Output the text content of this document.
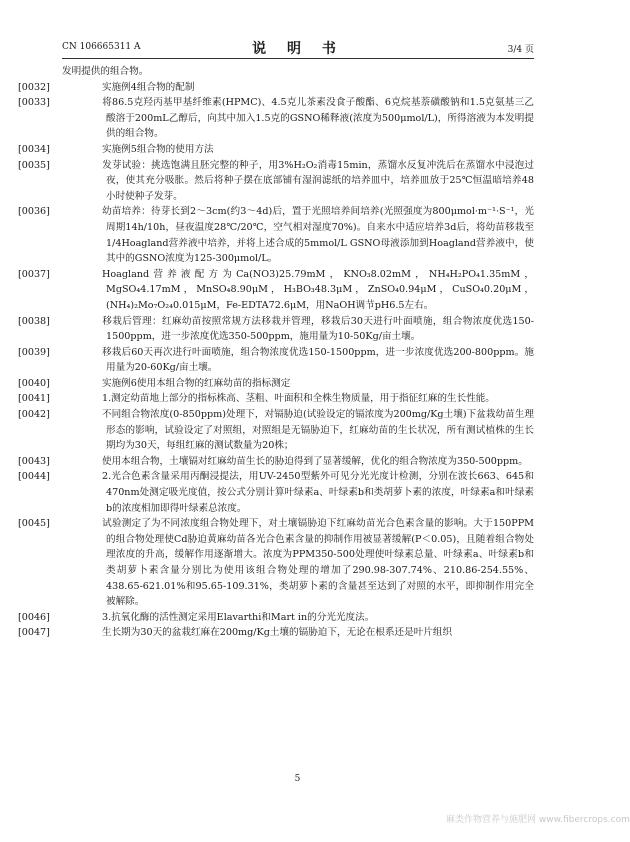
CN 106665311 A	说 明 书	3/4 页

发明提供的组合物。

[0032]	实施例4组合物的配制

[0033]	将86.5克羟丙基甲基纤维素(HPMC)、4.5克儿茶素没食子酸酯、6克烷基萘磺酸钠和1.5克氨基三乙酸溶于200mL乙醇后，向其中加入1.5克的GSNO稀释液(浓度为500μmol/L)，所得溶液为本发明提供的组合物。

[0034]	实施例5组合物的使用方法

[0035]	发芽试验：挑选饱满且胚完整的种子，用3%H₂O₂消毒15min，蒸馏水反复冲洗后在蒸馏水中浸泡过夜，使其充分吸胀。然后将种子摆在底部铺有湿润滤纸的培养皿中，培养皿放于25℃恒温暗培养48小时使种子发芽。

[0036]	幼苗培养：待芽长到2～3cm(约3～4d)后，置于光照培养间培养(光照强度为800μmol·m⁻¹·S⁻¹，光周期14h/10h，昼夜温度28℃/20℃，空气相对湿度70%)。自来水中适应培养3d后，将幼苗移栽至1/4Hoagland营养液中培养，并将上述合成的5mmol/L GSNO母液添加到Hoagland营养液中，使其中的GSNO浓度为125-300μmol/L。

[0037]	Hoagland营养液配方为Ca(NO3)25.79mM，KNO₃8.02mM，NH₄H₂PO₄1.35mM，MgSO₄4.17mM，MnSO₄8.90μM，H₃BO₃48.3μM，ZnSO₄0.94μM，CuSO₄0.20μM，(NH₄)₂Mo₇O₂₄0.015μM，Fe-EDTA72.6μM，用NaOH调节pH6.5左右。

[0038]	移栽后管理：红麻幼苗按照常规方法移栽并管理，移栽后30天进行叶面喷施，组合物浓度优选150-1500ppm，进一步浓度优选350-500ppm，施用量为10-50Kg/亩土壤。

[0039]	移栽后60天再次进行叶面喷施，组合物浓度优选150-1500ppm，进一步浓度优选200-800ppm。施用量为20-60Kg/亩土壤。

[0040]	实施例6使用本组合物的红麻幼苗的指标测定

[0041]	1.测定幼苗地上部分的指标株高、茎粗、叶面积和全株生物质量，用于指征红麻的生长性能。

[0042]	不同组合物浓度(0-850ppm)处理下，对镉胁迫(试验设定的镉浓度为200mg/Kg土壤)下盆栽幼苗生理形态的影响，试验设定了对照组，对照组是无镉胁迫下，红麻幼苗的生长状况，所有测试植株的生长期均为30天，每组红麻的测试数量为20株；

[0043]	使用本组合物，土壤镉对红麻幼苗生长的胁迫得到了显著缓解，优化的组合物浓度为350-500ppm。

[0044]	2.光合色素含量采用丙酮浸提法，用UV-2450型紫外可见分光光度计检测，分别在波长663、645和470nm处测定吸光度值，按公式分别计算叶绿素a、叶绿素b和类胡萝卜素的浓度，叶绿素a和叶绿素b的浓度相加即得叶绿素总浓度。

[0045]	试验测定了为不同浓度组合物处理下，对土壤镉胁迫下红麻幼苗光合色素含量的影响。大于150PPM的组合物处理使Cd胁迫黄麻幼苗各光合色素含量的抑制作用被显著缓解(P＜0.05)，且随着组合物处理浓度的升高，缓解作用逐渐增大。浓度为PPM350-500处理使叶绿素总量、叶绿素a、叶绿素b和类胡萝卜素含量分别比为使用该组合物处理的增加了290.98-307.74%、210.86-254.55%、438.65-621.01%和95.65-109.31%，类胡萝卜素的含量甚至达到了对照的水平，即抑制作用完全被解除。

[0046]	3.抗氧化酶的活性测定采用Elavarthi和Mart in的分光光度法。

[0047]	生长期为30天的盆栽红麻在200mg/Kg土壤的镉胁迫下，无论在根系还是叶片组织

5
麻类作物营养与施肥网 www.fibercrops.com
